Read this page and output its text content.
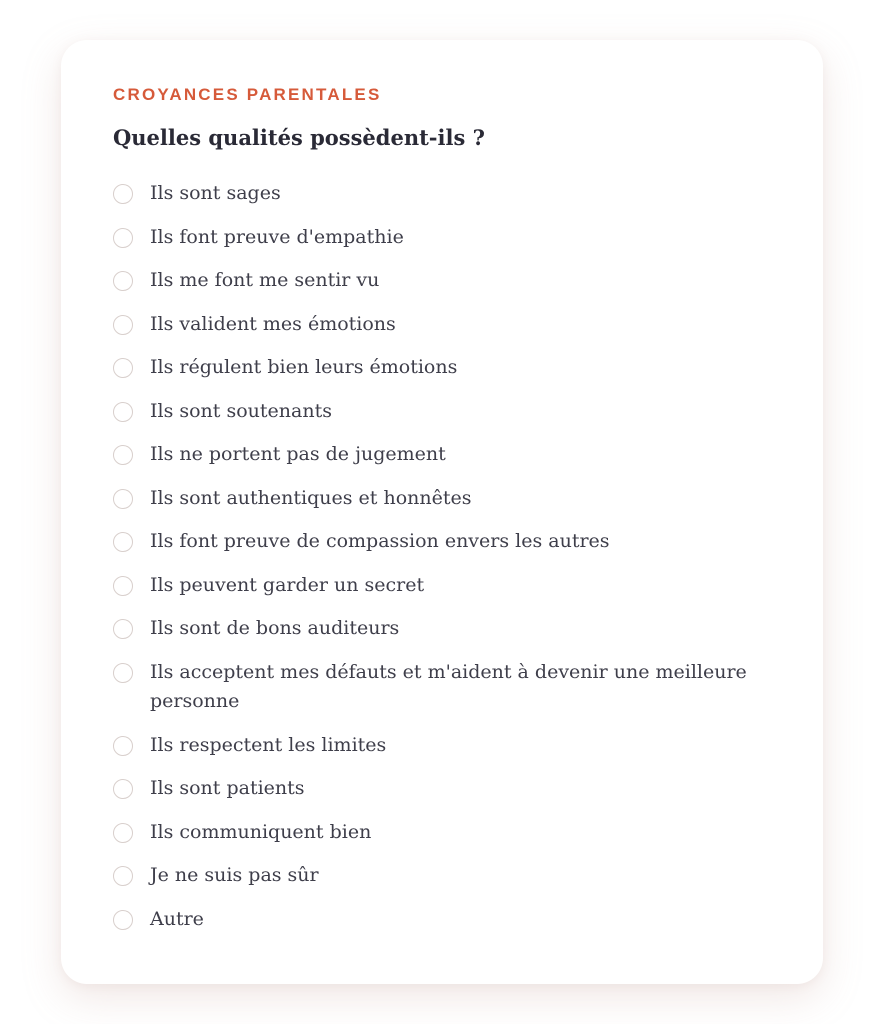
CROYANCES PARENTALES

Quelles qualités possèdent-ils ?
Ils sont sages
Ils font preuve d'empathie
Ils me font me sentir vu
Ils valident mes émotions
Ils régulent bien leurs émotions
Ils sont soutenants
Ils ne portent pas de jugement
Ils sont authentiques et honnêtes
Ils font preuve de compassion envers les autres
Ils peuvent garder un secret
Ils sont de bons auditeurs
Ils acceptent mes défauts et m'aident à devenir une meilleure personne
Ils respectent les limites
Ils sont patients
Ils communiquent bien
Je ne suis pas sûr
Autre
